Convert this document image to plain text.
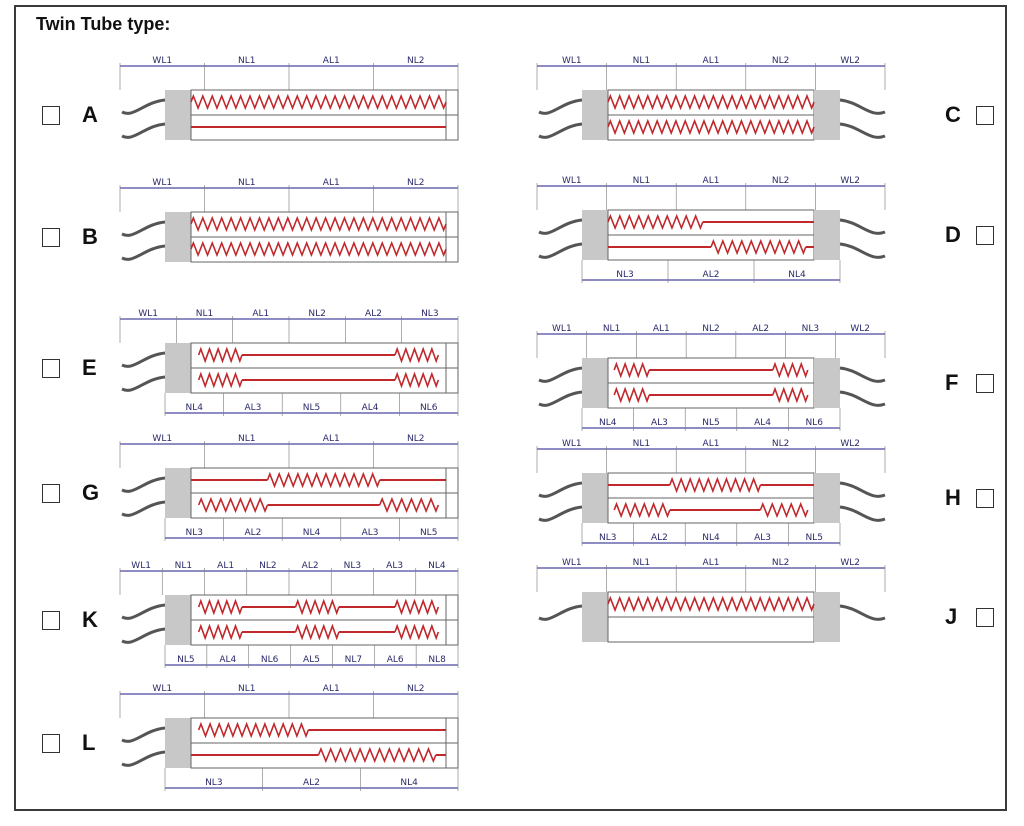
Twin Tube type:
WL1	NL1	AL1	NL2
A
WL1	NL1	AL1	NL2
B
WL1	NL1	AL1	NL2	WL2
C
WL1	NL1	AL1	NL2	WL2
NL3	AL2	NL4
D
WL1	NL1	AL1	NL2	AL2	NL3
NL4	AL3	NL5	AL4	NL6
E
WL1	NL1	AL1	NL2	AL2	NL3	WL2
NL4	AL3	NL5	AL4	NL6
F
WL1	NL1	AL1	NL2
NL3	AL2	NL4	AL3	NL5
G
WL1	NL1	AL1	NL2	WL2
NL3	AL2	NL4	AL3	NL5
H
WL1	NL1	AL1	NL2	AL2	NL3	AL3	NL4
NL5	AL4	NL6	AL5	NL7	AL6	NL8
K
WL1	NL1	AL1	NL2	WL2
J
WL1	NL1	AL1	NL2
NL3	AL2	NL4
L
